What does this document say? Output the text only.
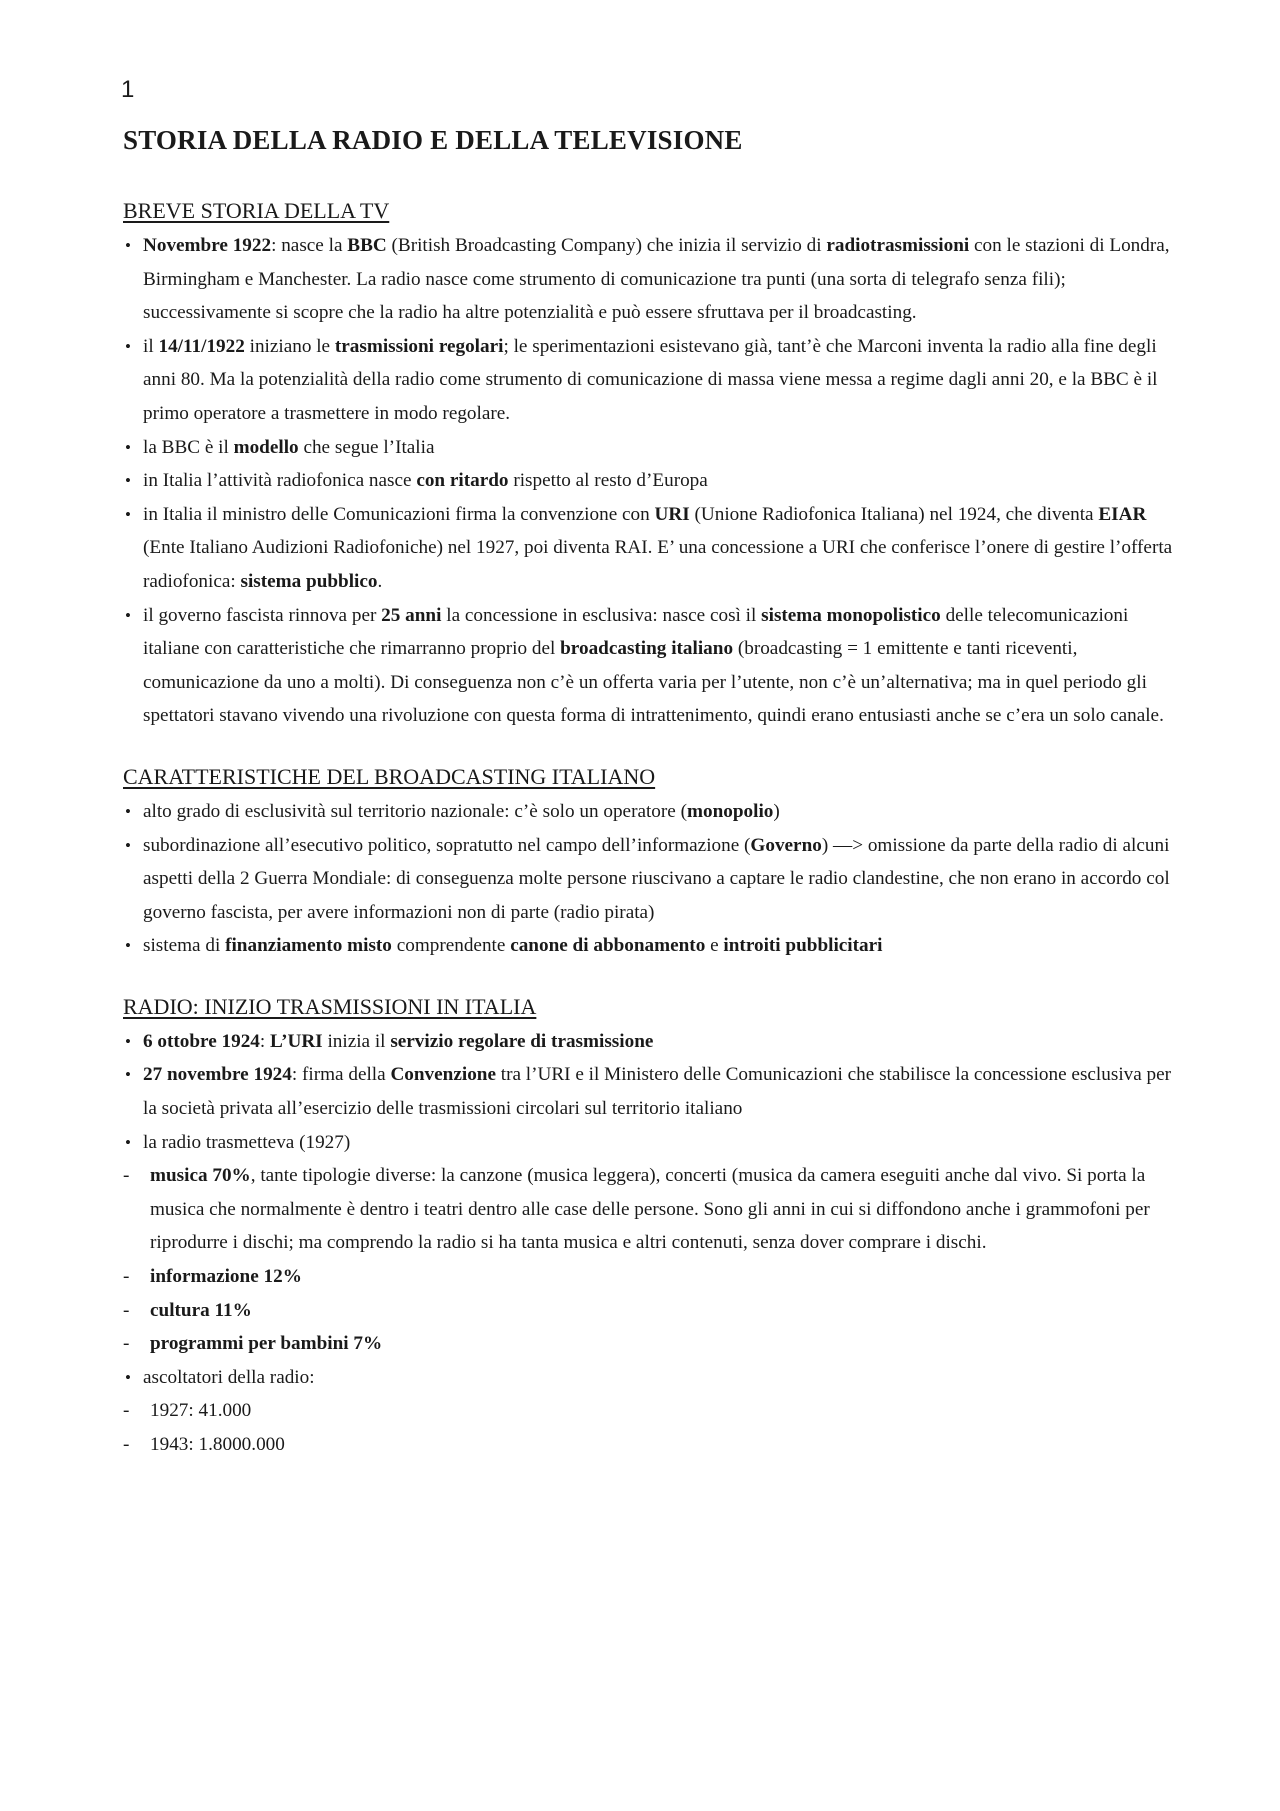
1
STORIA DELLA RADIO E DELLA TELEVISIONE
BREVE STORIA DELLA TV
• Novembre 1922: nasce la BBC (British Broadcasting Company) che inizia il servizio di radiotrasmissioni con le stazioni di Londra, Birmingham e Manchester. La radio nasce come strumento di comunicazione tra punti (una sorta di telegrafo senza fili); successivamente si scopre che la radio ha altre potenzialità e può essere sfruttava per il broadcasting.
• il 14/11/1922 iniziano le trasmissioni regolari; le sperimentazioni esistevano già, tant’è che Marconi inventa la radio alla fine degli anni 80. Ma la potenzialità della radio come strumento di comunicazione di massa viene messa a regime dagli anni 20, e la BBC è il primo operatore a trasmettere in modo regolare.
• la BBC è il modello che segue l’Italia
• in Italia l’attività radiofonica nasce con ritardo rispetto al resto d’Europa
• in Italia il ministro delle Comunicazioni firma la convenzione con URI (Unione Radiofonica Italiana) nel 1924, che diventa EIAR (Ente Italiano Audizioni Radiofoniche) nel 1927, poi diventa RAI. E’ una concessione a URI che conferisce l’onere di gestire l’offerta radiofonica: sistema pubblico.
• il governo fascista rinnova per 25 anni la concessione in esclusiva: nasce così il sistema monopolistico delle telecomunicazioni italiane con caratteristiche che rimarranno proprio del broadcasting italiano (broadcasting = 1 emittente e tanti riceventi, comunicazione da uno a molti). Di conseguenza non c’è un offerta varia per l’utente, non c’è un’alternativa; ma in quel periodo gli spettatori stavano vivendo una rivoluzione con questa forma di intrattenimento, quindi erano entusiasti anche se c’era un solo canale.
CARATTERISTICHE DEL BROADCASTING ITALIANO
• alto grado di esclusività sul territorio nazionale: c’è solo un operatore (monopolio)
• subordinazione all’esecutivo politico, sopratutto nel campo dell’informazione (Governo) —> omissione da parte della radio di alcuni aspetti della 2 Guerra Mondiale: di conseguenza molte persone riuscivano a captare le radio clandestine, che non erano in accordo col governo fascista, per avere informazioni non di parte (radio pirata)
• sistema di finanziamento misto comprendente canone di abbonamento e introiti pubblicitari
RADIO: INIZIO TRASMISSIONI IN ITALIA
• 6 ottobre 1924: L’URI inizia il servizio regolare di trasmissione
• 27 novembre 1924: firma della Convenzione tra l’URI e il Ministero delle Comunicazioni che stabilisce la concessione esclusiva per la società privata all’esercizio delle trasmissioni circolari sul territorio italiano
• la radio trasmetteva (1927)
- musica 70%, tante tipologie diverse: la canzone (musica leggera), concerti (musica da camera eseguiti anche dal vivo. Si porta la musica che normalmente è dentro i teatri dentro alle case delle persone. Sono gli anni in cui si diffondono anche i grammofoni per riprodurre i dischi; ma comprendo la radio si ha tanta musica e altri contenuti, senza dover comprare i dischi.
- informazione 12%
- cultura 11%
- programmi per bambini 7%
• ascoltatori della radio:
- 1927: 41.000
- 1943: 1.8000.000
